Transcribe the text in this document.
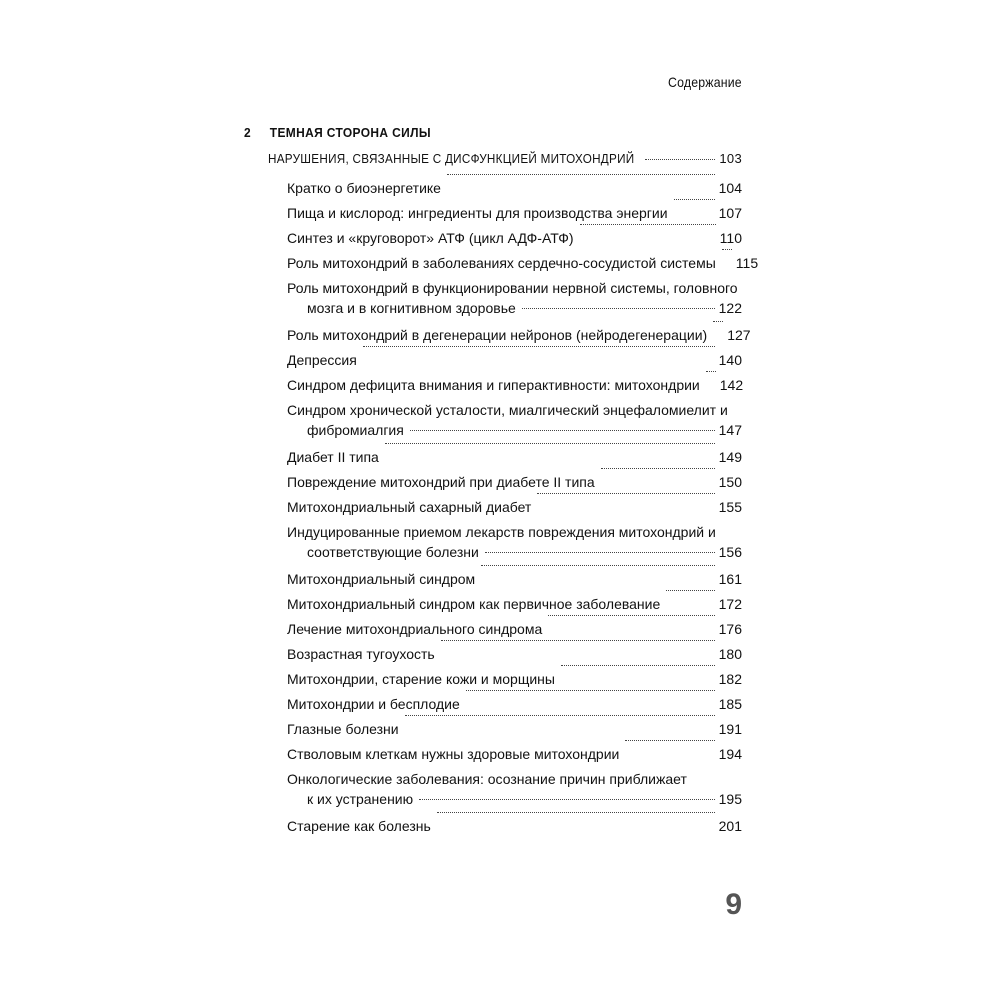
Содержание
2 ТЕМНАЯ СТОРОНА СИЛЫ
НАРУШЕНИЯ, СВЯЗАННЫЕ С ДИСФУНКЦИЕЙ МИТОХОНДРИЙ	103
Кратко о биоэнергетике	104
Пища и кислород: ингредиенты для производства энергии	107
Синтез и «круговорот» АТФ (цикл АДФ-АТФ)	110
Роль митохондрий в заболеваниях сердечно-сосудистой системы 115
Роль митохондрий в функционировании нервной системы, головного
мозга и в когнитивном здоровье	122
Роль митохондрий в дегенерации нейронов (нейродегенерации) 127
Депрессия	140
Синдром дефицита внимания и гиперактивности: митохондрии 142
Синдром хронической усталости, миалгический энцефаломиелит и
фибромиалгия	147
Диабет II типа	149
Повреждение митохондрий при диабете II типа	150
Митохондриальный сахарный диабет	155
Индуцированные приемом лекарств повреждения митохондрий и
соответствующие болезни	156
Митохондриальный синдром	161
Митохондриальный синдром как первичное заболевание	172
Лечение митохондриального синдрома	176
Возрастная тугоухость	180
Митохондрии, старение кожи и морщины	182
Митохондрии и бесплодие	185
Глазные болезни	191
Стволовым клеткам нужны здоровые митохондрии	194
Онкологические заболевания: осознание причин приближает
к их устранению	195
Старение как болезнь	201
9
